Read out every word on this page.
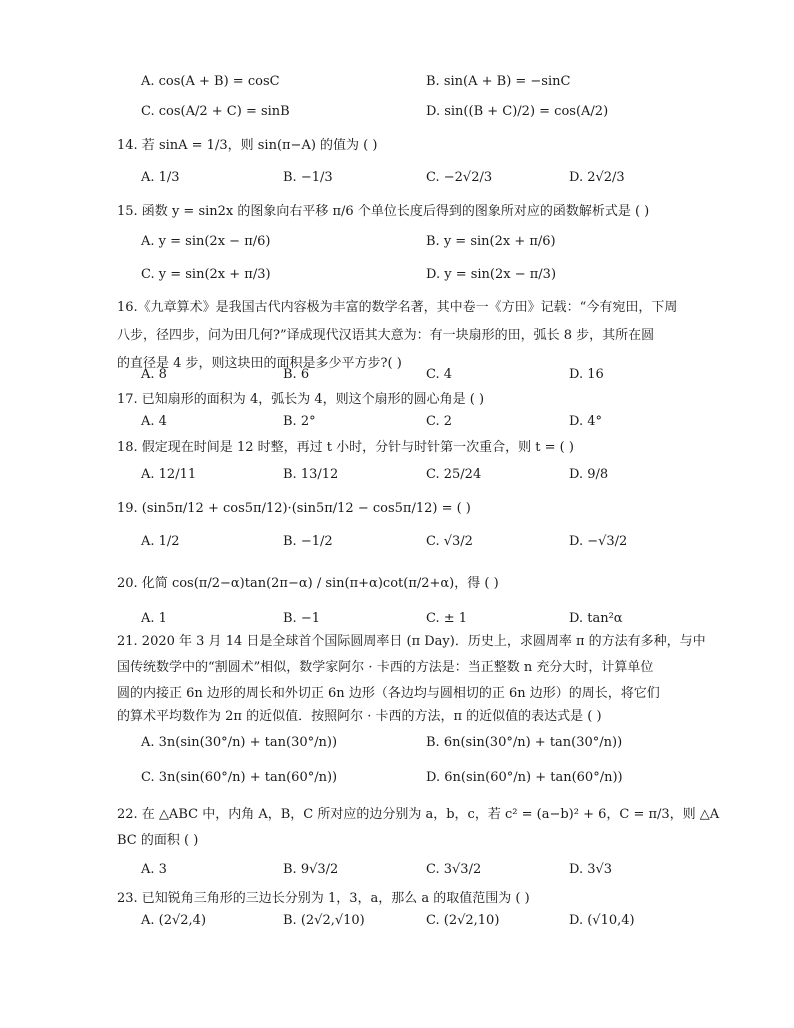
A. cos(A + B) = cosC	B. sin(A + B) = −sinC
C. cos(A/2 + C) = sinB	D. sin((B + C)/2) = cos(A/2)
14. 若 sinA = 1/3，则 sin(π−A) 的值为 ( )
A. 1/3	B. −1/3	C. −2√2/3	D. 2√2/3
15. 函数 y = sin2x 的图象向右平移 π/6 个单位长度后得到的图象所对应的函数解析式是 ( )
A. y = sin(2x − π/6)	B. y = sin(2x + π/6)
C. y = sin(2x + π/3)	D. y = sin(2x − π/3)
16.《九章算术》是我国古代内容极为丰富的数学名著，其中卷一《方田》记载：“今有宛田，下周
八步，径四步，问为田几何?”译成现代汉语其大意为：有一块扇形的田，弧长 8 步，其所在圆
的直径是 4 步，则这块田的面积是多少平方步?( )
A. 8	B. 6	C. 4	D. 16
17. 已知扇形的面积为 4，弧长为 4，则这个扇形的圆心角是 ( )
A. 4	B. 2°	C. 2	D. 4°
18. 假定现在时间是 12 时整，再过 t 小时，分针与时针第一次重合，则 t = ( )
A. 12/11	B. 13/12	C. 25/24	D. 9/8
19. (sin5π/12 + cos5π/12)·(sin5π/12 − cos5π/12) = ( )
A. 1/2	B. −1/2	C. √3/2	D. −√3/2
20. 化简 cos(π/2−α)tan(2π−α) / sin(π+α)cot(π/2+α)，得 ( )
A. 1	B. −1	C. ± 1	D. tan²α
21. 2020 年 3 月 14 日是全球首个国际圆周率日 (π Day)．历史上，求圆周率 π 的方法有多种，与中
国传统数学中的“割圆术”相似，数学家阿尔 · 卡西的方法是：当正整数 n 充分大时，计算单位
圆的内接正 6n 边形的周长和外切正 6n 边形（各边均与圆相切的正 6n 边形）的周长，将它们
的算术平均数作为 2π 的近似值．按照阿尔 · 卡西的方法，π 的近似值的表达式是 ( )
A. 3n(sin(30°/n) + tan(30°/n))	B. 6n(sin(30°/n) + tan(30°/n))
C. 3n(sin(60°/n) + tan(60°/n))	D. 6n(sin(60°/n) + tan(60°/n))
22. 在 △ABC 中，内角 A，B，C 所对应的边分别为 a，b，c，若 c² = (a−b)² + 6，C = π/3，则 △A
BC 的面积 ( )
A. 3	B. 9√3/2	C. 3√3/2	D. 3√3
23. 已知锐角三角形的三边长分别为 1，3，a，那么 a 的取值范围为 ( )
A. (2√2,4)	B. (2√2,√10)	C. (2√2,10)	D. (√10,4)
